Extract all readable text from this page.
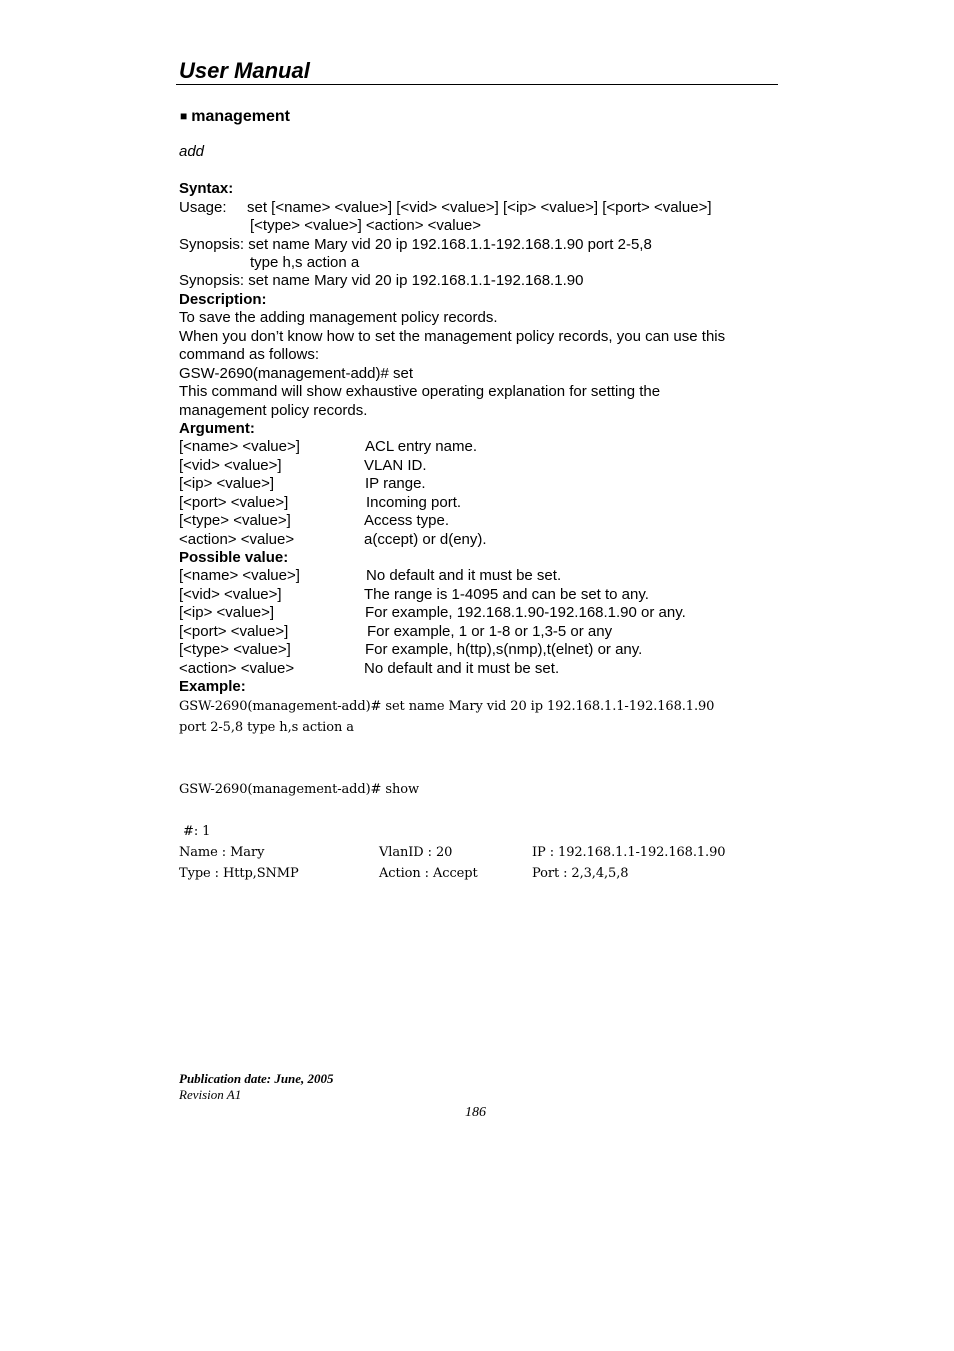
User Manual
■ management
add
Syntax:
Usage: set [<name> <value>] [<vid> <value>] [<ip> <value>] [<port> <value>]
[<type> <value>] <action> <value>
Synopsis: set name Mary vid 20 ip 192.168.1.1-192.168.1.90 port 2-5,8
type h,s action a
Synopsis: set name Mary vid 20 ip 192.168.1.1-192.168.1.90
Description:
To save the adding management policy records.
When you don’t know how to set the management policy records, you can use this
command as follows:
GSW-2690(management-add)# set
This command will show exhaustive operating explanation for setting the
management policy records.
Argument:
[<name> <value>]	ACL entry name.
[<vid> <value>]	VLAN ID.
[<ip> <value>]	IP range.
[<port> <value>]	Incoming port.
[<type> <value>]	Access type.
<action> <value>	a(ccept) or d(eny).
Possible value:
[<name> <value>]	No default and it must be set.
[<vid> <value>]	The range is 1-4095 and can be set to any.
[<ip> <value>]	For example, 192.168.1.90-192.168.1.90 or any.
[<port> <value>]	For example, 1 or 1-8 or 1,3-5 or any
[<type> <value>]	For example, h(ttp),s(nmp),t(elnet) or any.
<action> <value>	No default and it must be set.
Example:
GSW-2690(management-add)# set name Mary vid 20 ip 192.168.1.1-192.168.1.90
port 2-5,8 type h,s action a
GSW-2690(management-add)# show
#: 1
Name : Mary	VlanID : 20	IP : 192.168.1.1-192.168.1.90
Type : Http,SNMP	Action : Accept	Port : 2,3,4,5,8
Publication date: June, 2005
Revision A1
186
